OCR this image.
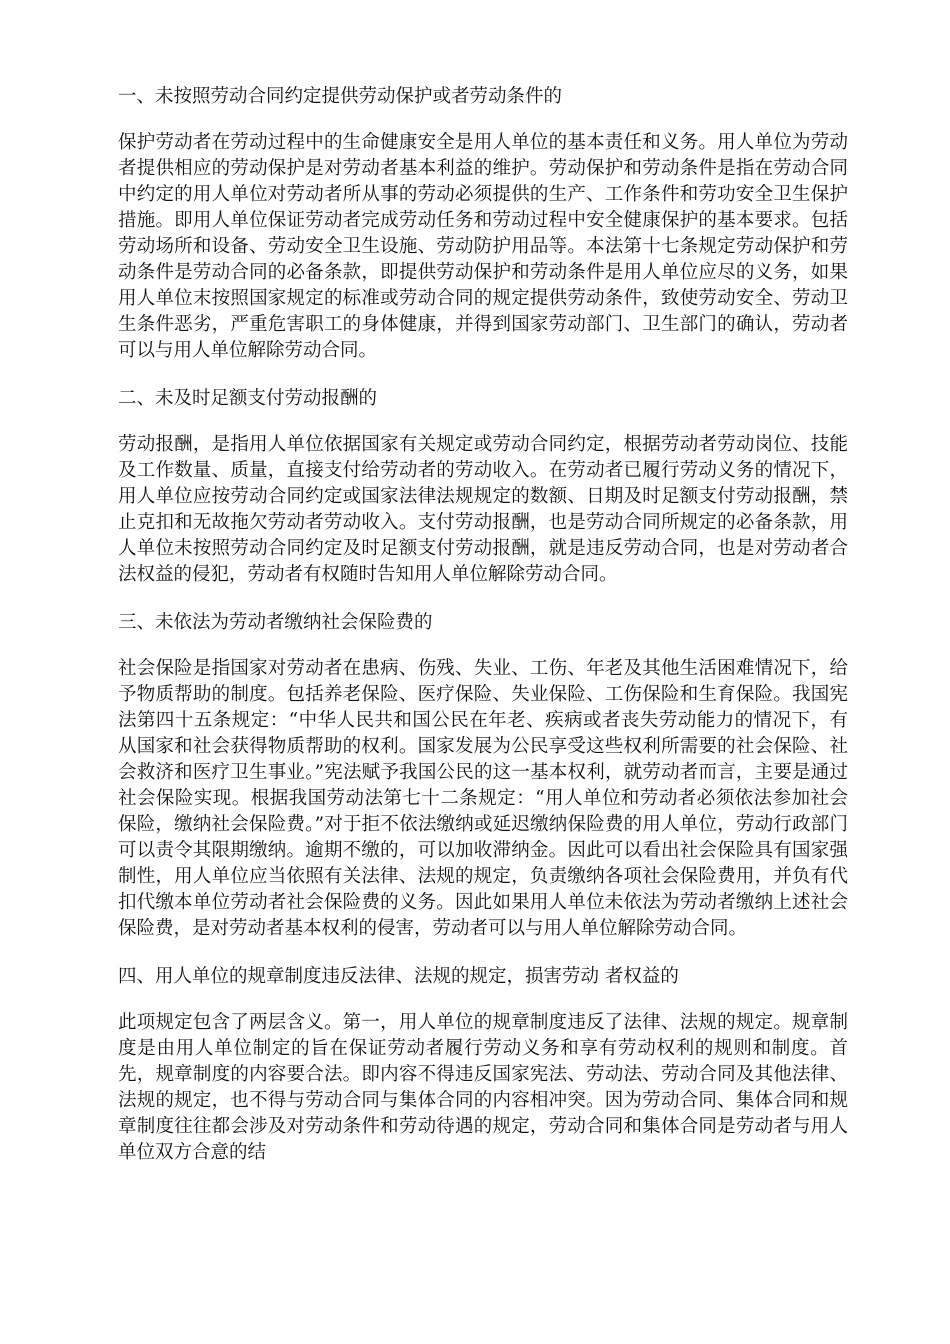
一、未按照劳动合同约定提供劳动保护或者劳动条件的
保护劳动者在劳动过程中的生命健康安全是用人单位的基本责任和义务。用人单位为劳动者提供相应的劳动保护是对劳动者基本利益的维护。劳动保护和劳动条件是指在劳动合同中约定的用人单位对劳动者所从事的劳动必须提供的生产、工作条件和劳功安全卫生保护措施。即用人单位保证劳动者完成劳动任务和劳动过程中安全健康保护的基本要求。包括劳动场所和设备、劳动安全卫生设施、劳动防护用品等。本法第十七条规定劳动保护和劳动条件是劳动合同的必备条款，即提供劳动保护和劳动条件是用人单位应尽的义务，如果用人单位末按照国家规定的标准或劳动合同的规定提供劳动条件，致使劳动安全、劳动卫生条件恶劣，严重危害职工的身体健康，并得到国家劳动部门、卫生部门的确认，劳动者可以与用人单位解除劳动合同。
二、未及时足额支付劳动报酬的
劳动报酬，是指用人单位依据国家有关规定或劳动合同约定，根据劳动者劳动岗位、技能及工作数量、质量，直接支付给劳动者的劳动收入。在劳动者已履行劳动义务的情况下，用人单位应按劳动合同约定或国家法律法规规定的数额、日期及时足额支付劳动报酬，禁止克扣和无故拖欠劳动者劳动收入。支付劳动报酬，也是劳动合同所规定的必备条款，用人单位未按照劳动合同约定及时足额支付劳动报酬，就是违反劳动合同，也是对劳动者合法权益的侵犯，劳动者有权随时告知用人单位解除劳动合同。
三、未依法为劳动者缴纳社会保险费的
社会保险是指国家对劳动者在患病、伤残、失业、工伤、年老及其他生活困难情况下，给予物质帮助的制度。包括养老保险、医疗保险、失业保险、工伤保险和生育保险。我国宪法第四十五条规定：“中华人民共和国公民在年老、疾病或者丧失劳动能力的情况下，有从国家和社会获得物质帮助的权利。国家发展为公民享受这些权利所需要的社会保险、社会救济和医疗卫生事业。”宪法赋予我国公民的这一基本权利，就劳动者而言，主要是通过社会保险实现。根据我国劳动法第七十二条规定：“用人单位和劳动者必须依法参加社会保险，缴纳社会保险费。”对于拒不依法缴纳或延迟缴纳保险费的用人单位，劳动行政部门可以责令其限期缴纳。逾期不缴的，可以加收滞纳金。因此可以看出社会保险具有国家强制性，用人单位应当依照有关法律、法规的规定，负责缴纳各项社会保险费用，并负有代扣代缴本单位劳动者社会保险费的义务。因此如果用人单位未依法为劳动者缴纳上述社会保险费，是对劳动者基本权利的侵害，劳动者可以与用人单位解除劳动合同。
四、用人单位的规章制度违反法律、法规的规定，损害劳动 者权益的
此项规定包含了两层含义。第一，用人单位的规章制度违反了法律、法规的规定。规章制度是由用人单位制定的旨在保证劳动者履行劳动义务和享有劳动权利的规则和制度。首先，规章制度的内容要合法。即内容不得违反国家宪法、劳动法、劳动合同及其他法律、法规的规定，也不得与劳动合同与集体合同的内容相冲突。因为劳动合同、集体合同和规章制度往往都会涉及对劳动条件和劳动待遇的规定，劳动合同和集体合同是劳动者与用人单位双方合意的结
